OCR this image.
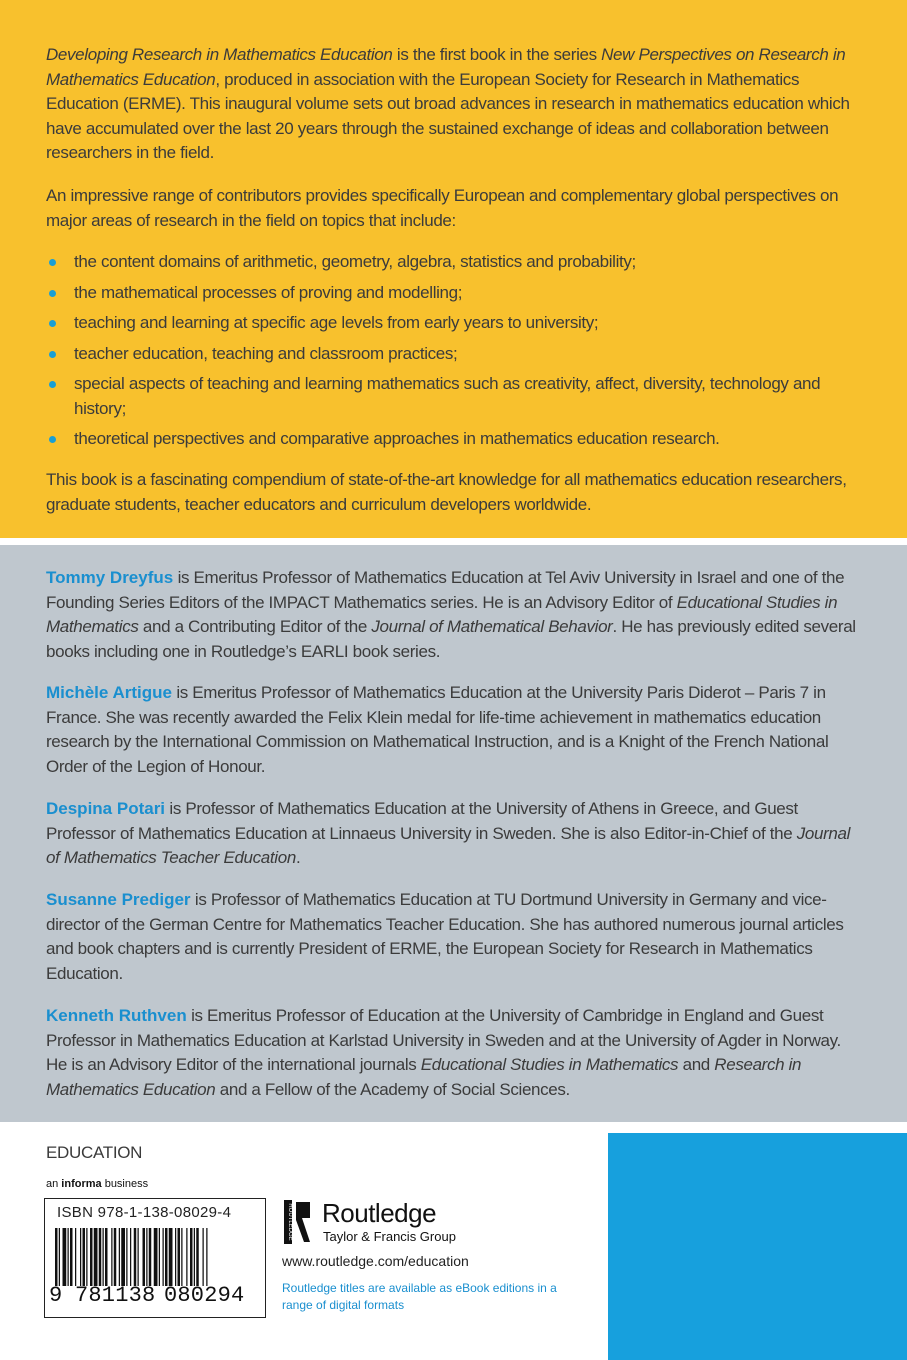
Developing Research in Mathematics Education is the first book in the series New Perspectives on Research in Mathematics Education, produced in association with the European Society for Research in Mathematics Education (ERME). This inaugural volume sets out broad advances in research in mathematics education which have accumulated over the last 20 years through the sustained exchange of ideas and collaboration between researchers in the field.
An impressive range of contributors provides specifically European and complementary global perspectives on major areas of research in the field on topics that include:
the content domains of arithmetic, geometry, algebra, statistics and probability;
the mathematical processes of proving and modelling;
teaching and learning at specific age levels from early years to university;
teacher education, teaching and classroom practices;
special aspects of teaching and learning mathematics such as creativity, affect, diversity, technology and history;
theoretical perspectives and comparative approaches in mathematics education research.
This book is a fascinating compendium of state-of-the-art knowledge for all mathematics education researchers, graduate students, teacher educators and curriculum developers worldwide.
Tommy Dreyfus is Emeritus Professor of Mathematics Education at Tel Aviv University in Israel and one of the Founding Series Editors of the IMPACT Mathematics series. He is an Advisory Editor of Educational Studies in Mathematics and a Contributing Editor of the Journal of Mathematical Behavior. He has previously edited several books including one in Routledge’s EARLI book series.
Michèle Artigue is Emeritus Professor of Mathematics Education at the University Paris Diderot – Paris 7 in France. She was recently awarded the Felix Klein medal for life-time achievement in mathematics education research by the International Commission on Mathematical Instruction, and is a Knight of the French National Order of the Legion of Honour.
Despina Potari is Professor of Mathematics Education at the University of Athens in Greece, and Guest Professor of Mathematics Education at Linnaeus University in Sweden. She is also Editor-in-Chief of the Journal of Mathematics Teacher Education.
Susanne Prediger is Professor of Mathematics Education at TU Dortmund University in Germany and vice-director of the German Centre for Mathematics Teacher Education. She has authored numerous journal articles and book chapters and is currently President of ERME, the European Society for Research in Mathematics Education.
Kenneth Ruthven is Emeritus Professor of Education at the University of Cambridge in England and Guest Professor in Mathematics Education at Karlstad University in Sweden and at the University of Agder in Norway. He is an Advisory Editor of the international journals Educational Studies in Mathematics and Research in Mathematics Education and a Fellow of the Academy of Social Sciences.
EDUCATION
an informa business
ISBN 978-1-138-08029-4
9 781138 080294
ROUTLEDGE Routledge
Taylor & Francis Group
www.routledge.com/education
Routledge titles are available as eBook editions in a range of digital formats
